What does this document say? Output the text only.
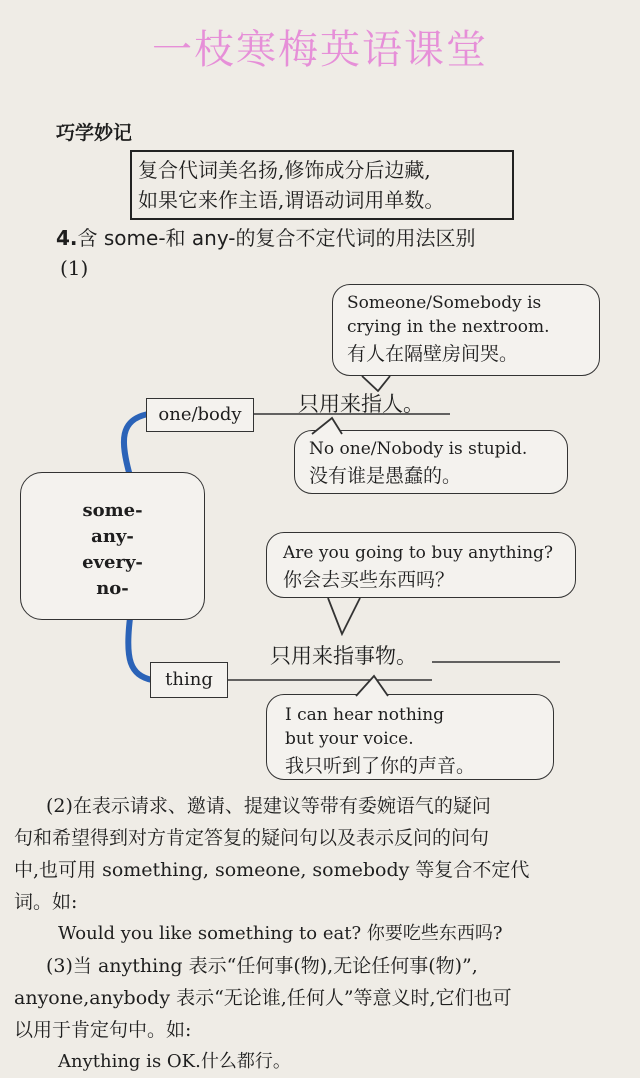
一枝寒梅英语课堂
巧学妙记
复合代词美名扬,修饰成分后边藏,
如果它来作主语,谓语动词用单数。
4.含 some-和 any-的复合不定代词的用法区别
(1)
Someone/Somebody is
crying in the nextroom.
有人在隔壁房间哭。
只用来指人。
one/body
No one/Nobody is stupid.
没有谁是愚蠢的。
some-
any-
every-
no-
Are you going to buy anything?
你会去买些东西吗？
只用来指事物。
thing
I can hear nothing
but your voice.
我只听到了你的声音。
(2)在表示请求、邀请、提建议等带有委婉语气的疑问
句和希望得到对方肯定答复的疑问句以及表示反问的问句
中,也可用 something, someone, somebody 等复合不定代
词。如:
Would you like something to eat? 你要吃些东西吗?
(3)当 anything 表示“任何事(物),无论任何事(物)”,
anyone,anybody 表示“无论谁,任何人”等意义时,它们也可
以用于肯定句中。如:
Anything is OK.什么都行。
